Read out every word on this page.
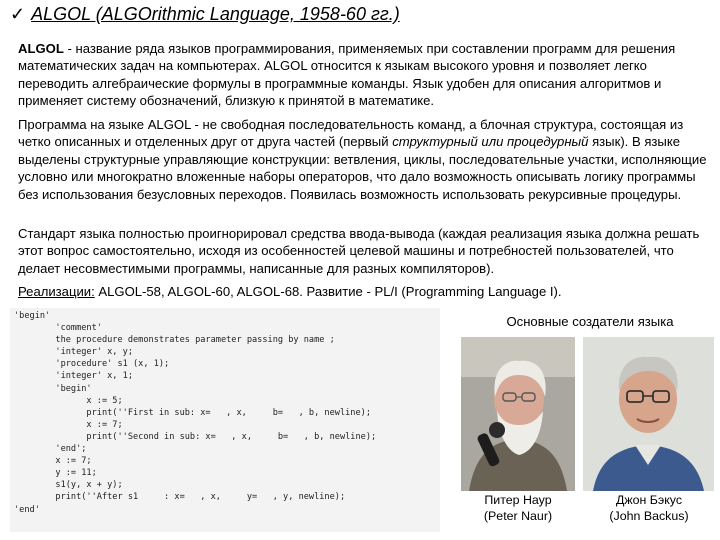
✓ ALGOL (ALGOrithmic Language, 1958-60 гг.)
ALGOL - название ряда языков программирования, применяемых при составлении программ для решения математических задач на компьютерах. ALGOL относится к языкам высокого уровня и позволяет легко переводить алгебраические формулы в программные команды. Язык удобен для описания алгоритмов и применяет систему обозначений, близкую к принятой в математике.
Программа на языке ALGOL - не свободная последовательность команд, а блочная структура, состоящая из четко описанных и отделенных друг от друга частей (первый структурный или процедурный язык). В языке выделены структурные управляющие конструкции: ветвления, циклы, последовательные участки, исполняющие условно или многократно вложенные наборы операторов, что дало возможность описывать логику программы без использования безусловных переходов. Появилась возможность использовать рекурсивные процедуры.
Стандарт языка полностью проигнорировал средства ввода-вывода (каждая реализация языка должна решать этот вопрос самостоятельно, исходя из особенностей целевой машины и потребностей пользователей, что делает несовместимыми программы, написанные для разных компиляторов).
Реализации: ALGOL-58, ALGOL-60, ALGOL-68. Развитие - PL/I (Programming Language I).
'begin'
'comment'
the procedure demonstrates parameter passing by name ;
'integer' x, y;
'procedure' s1 (x, 1);
'integer' x, 1;
'begin'
x := 5;
print(''First in sub: x=   , x,     b=   , b, newline);
x := 7;
print(''Second in sub: x=   , x,     b=   , b, newline);
'end';
x := 7;
y := 11;
s1(y, x + y);
print(''After s1     : x=   , x,     y=   , y, newline);
'end'
Основные создатели языка
Питер Наур
(Peter Naur)
Джон Бэкус
(John Backus)
